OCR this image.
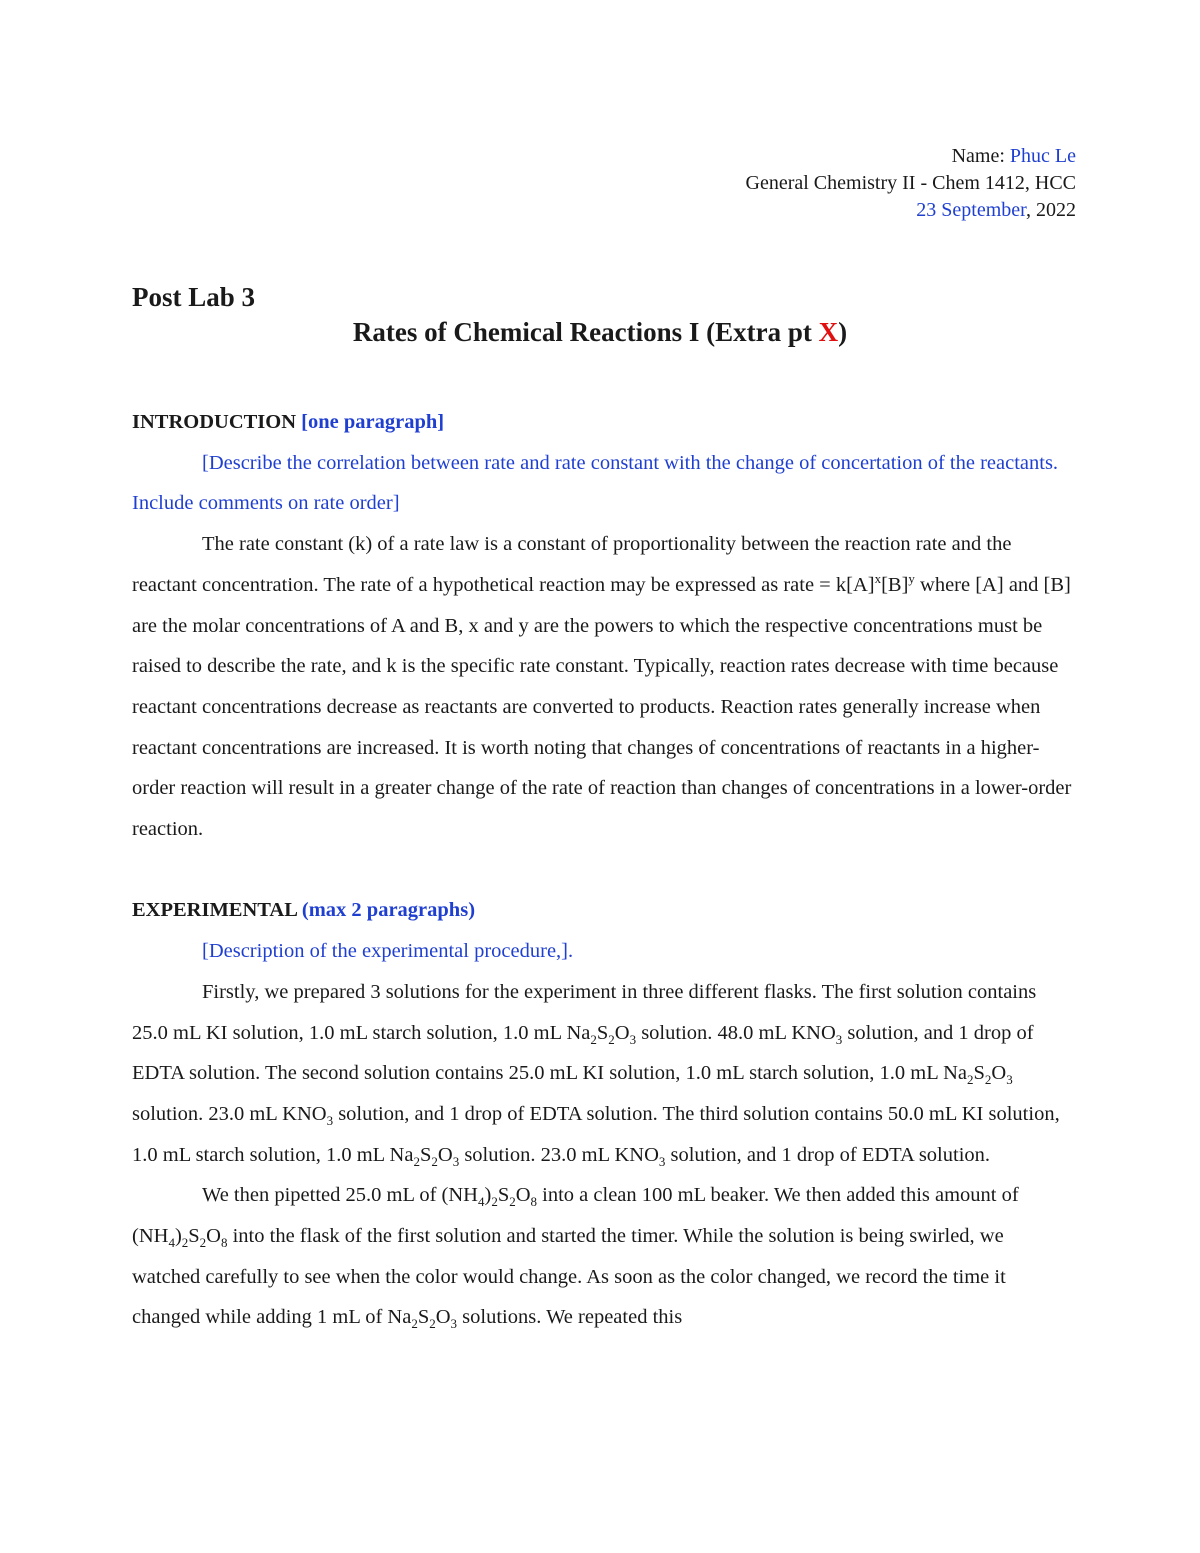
Name: Phuc Le
General Chemistry II - Chem 1412, HCC
23 September, 2022
Post Lab 3
Rates of Chemical Reactions I (Extra pt X)

INTRODUCTION [one paragraph]

[Describe the correlation between rate and rate constant with the change of concertation of the reactants. Include comments on rate order]

The rate constant (k) of a rate law is a constant of proportionality between the reaction rate and the reactant concentration. The rate of a hypothetical reaction may be expressed as rate = $k[A]^x[B]^y$ where [A] and [B] are the molar concentrations of A and B, x and y are the powers to which the respective concentrations must be raised to describe the rate, and k is the specific rate constant. Typically, reaction rates decrease with time because reactant concentrations decrease as reactants are converted to products. Reaction rates generally increase when reactant concentrations are increased. It is worth noting that changes of concentrations of reactants in a higher-order reaction will result in a greater change of the rate of reaction than changes of concentrations in a lower-order reaction.

EXPERIMENTAL (max 2 paragraphs)

[Description of the experimental procedure,].

Firstly, we prepared 3 solutions for the experiment in three different flasks. The first solution contains 25.0 mL KI solution, 1.0 mL starch solution, 1.0 mL $Na_2S_2O_3$ solution. 48.0 mL $KNO_3$ solution, and 1 drop of EDTA solution. The second solution contains 25.0 mL KI solution, 1.0 mL starch solution, 1.0 mL $Na_2S_2O_3$ solution. 23.0 mL $KNO_3$ solution, and 1 drop of EDTA solution. The third solution contains 50.0 mL KI solution, 1.0 mL starch solution, 1.0 mL $Na_2S_2O_3$ solution. 23.0 mL $KNO_3$ solution, and 1 drop of EDTA solution.

We then pipetted 25.0 mL of $(NH_4)_2S_2O_8$ into a clean 100 mL beaker. We then added this amount of $(NH_4)_2S_2O_8$ into the flask of the first solution and started the timer. While the solution is being swirled, we watched carefully to see when the color would change. As soon as the color changed, we record the time it changed while adding 1 mL of $Na_2S_2O_3$ solutions. We repeated this
